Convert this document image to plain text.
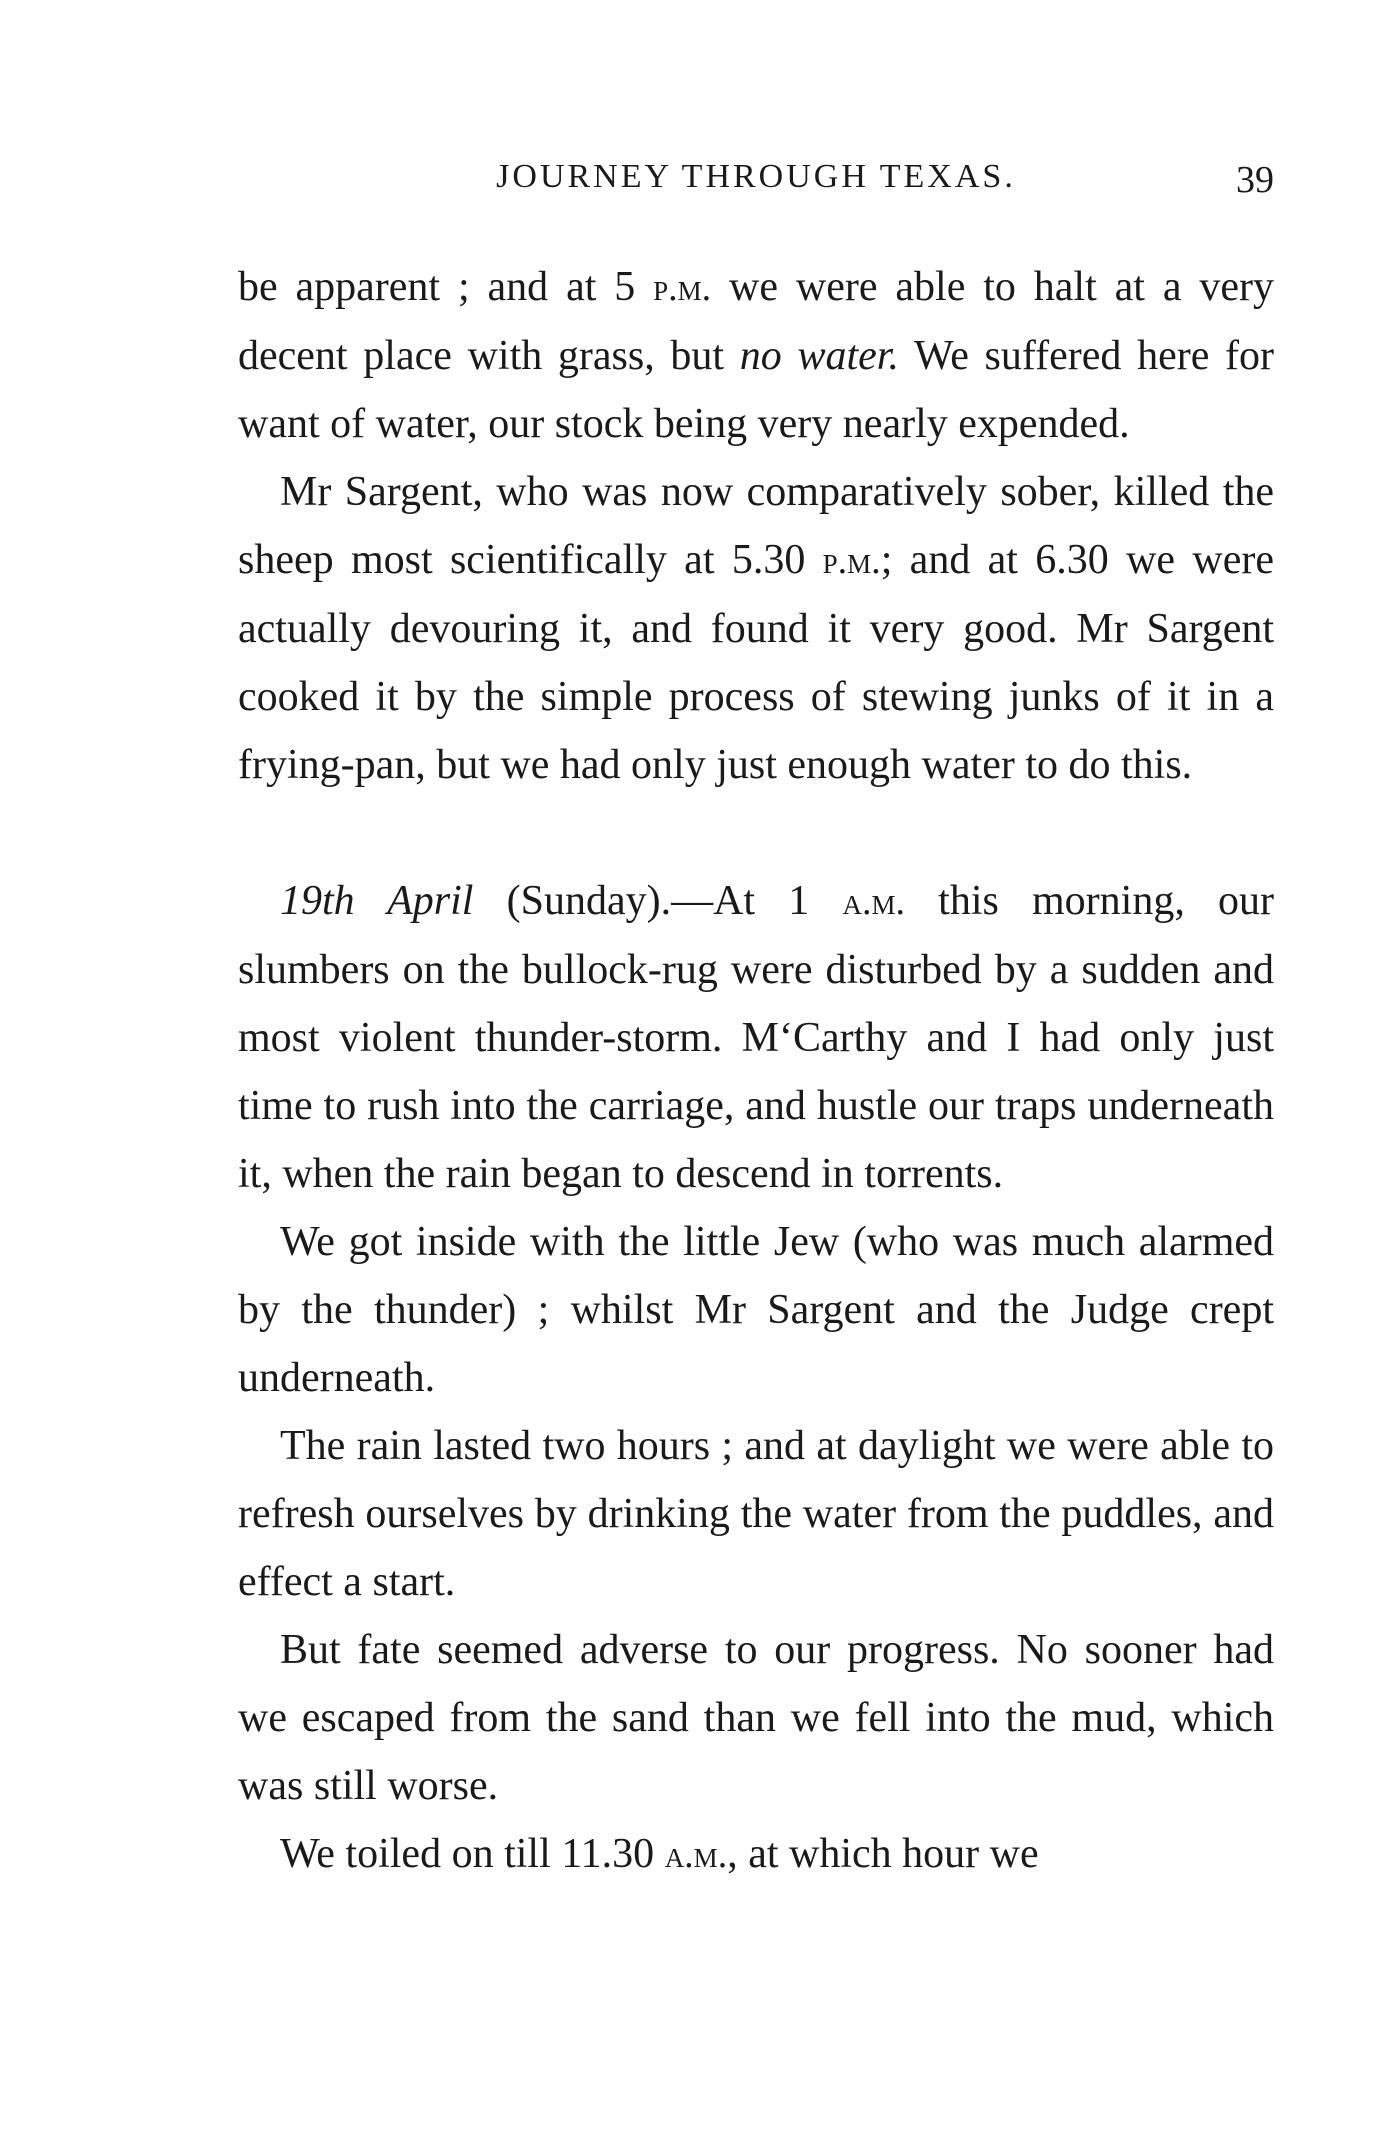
JOURNEY THROUGH TEXAS.	39

be apparent ; and at 5 p.m. we were able to halt at a very decent place with grass, but no water. We suffered here for want of water, our stock being very nearly expended.

Mr Sargent, who was now comparatively sober, killed the sheep most scientifically at 5.30 p.m.; and at 6.30 we were actually devouring it, and found it very good. Mr Sargent cooked it by the simple process of stewing junks of it in a frying-pan, but we had only just enough water to do this.

19th April (Sunday).—At 1 a.m. this morning, our slumbers on the bullock-rug were disturbed by a sudden and most violent thunder-storm. M‘Carthy and I had only just time to rush into the carriage, and hustle our traps underneath it, when the rain began to descend in torrents.

We got inside with the little Jew (who was much alarmed by the thunder) ; whilst Mr Sargent and the Judge crept underneath.

The rain lasted two hours ; and at daylight we were able to refresh ourselves by drinking the water from the puddles, and effect a start.

But fate seemed adverse to our progress. No sooner had we escaped from the sand than we fell into the mud, which was still worse.

We toiled on till 11.30 a.m., at which hour we
